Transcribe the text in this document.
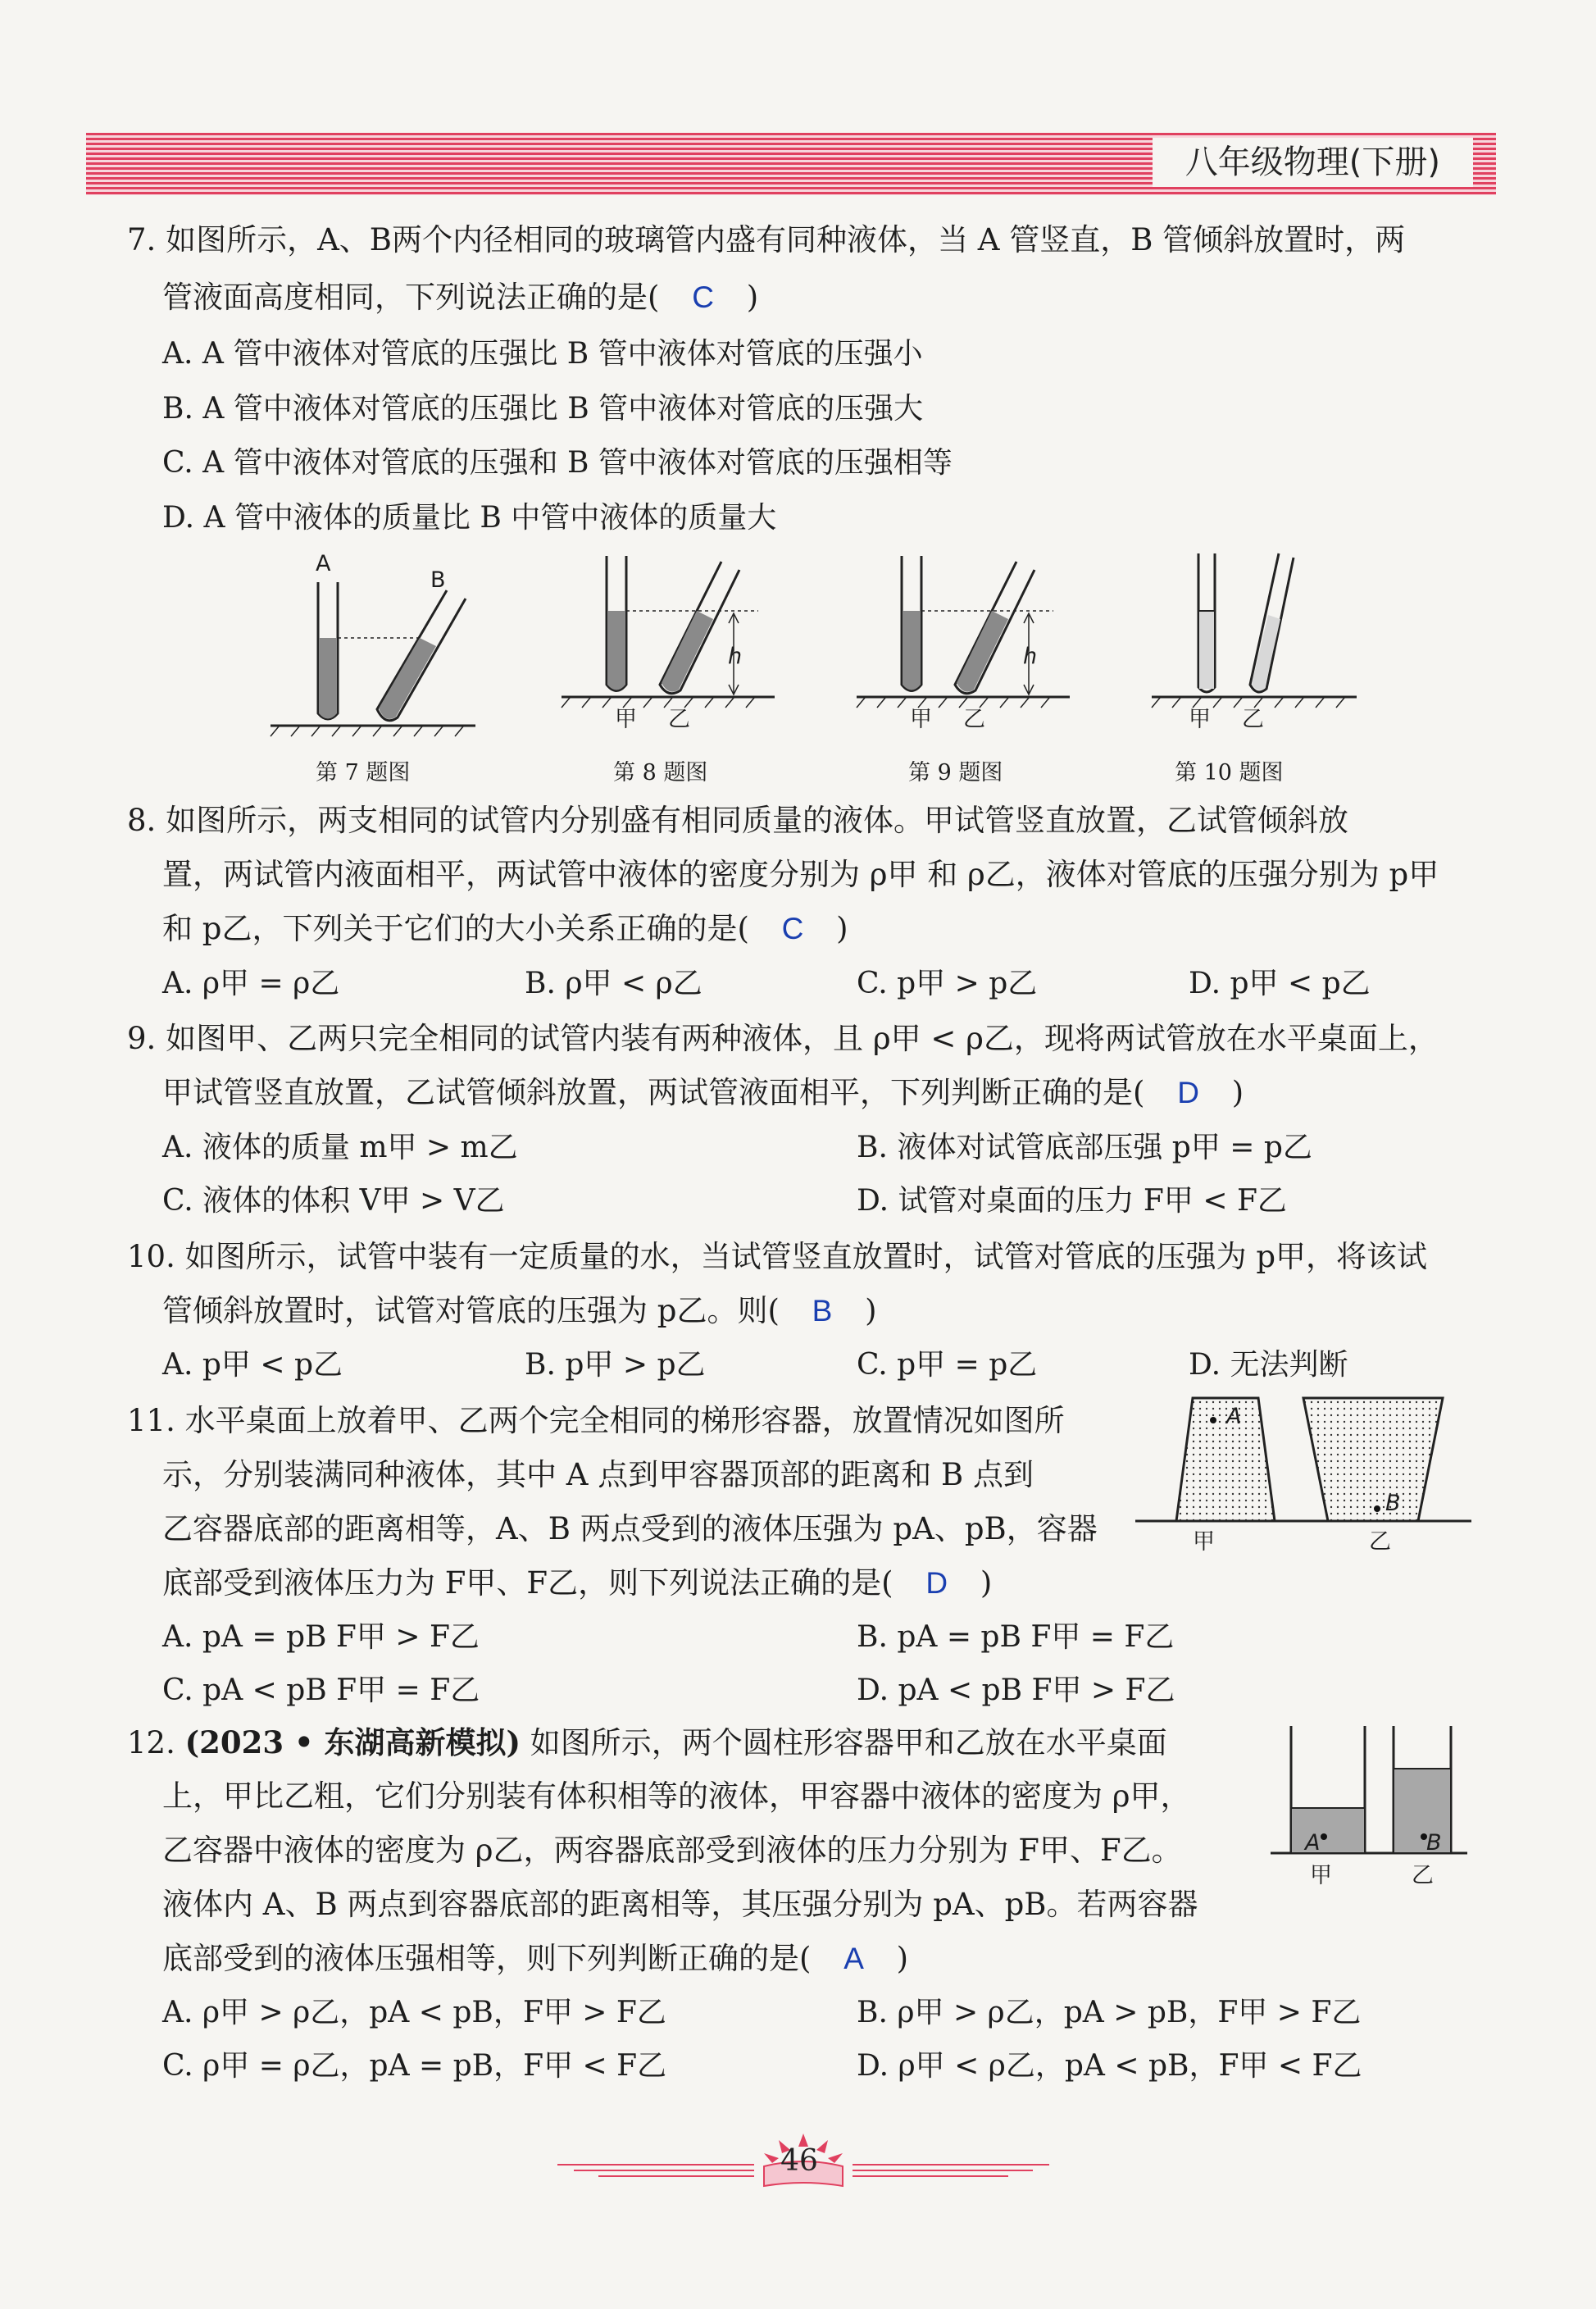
八年级物理(下册)
7. 如图所示，A、B两个内径相同的玻璃管内盛有同种液体，当 A 管竖直，B 管倾斜放置时，两
管液面高度相同，下列说法正确的是( C )
A. A 管中液体对管底的压强比 B 管中液体对管底的压强小
B. A 管中液体对管底的压强比 B 管中液体对管底的压强大
C. A 管中液体对管底的压强和 B 管中液体对管底的压强相等
D. A 管中液体的质量比 B 中管中液体的质量大
A
B
第 7 题图
甲 乙
h
第 8 题图
甲 乙
h
第 9 题图
甲 乙
第 10 题图
8. 如图所示，两支相同的试管内分别盛有相同质量的液体。甲试管竖直放置，乙试管倾斜放
置，两试管内液面相平，两试管中液体的密度分别为 ρ甲 和 ρ乙，液体对管底的压强分别为 p甲
和 p乙，下列关于它们的大小关系正确的是( C )
A. ρ甲 = ρ乙	B. ρ甲 < ρ乙	C. p甲 > p乙	D. p甲 < p乙
9. 如图甲、乙两只完全相同的试管内装有两种液体，且 ρ甲 < ρ乙，现将两试管放在水平桌面上，
甲试管竖直放置，乙试管倾斜放置，两试管液面相平，下列判断正确的是( D )
A. 液体的质量 m甲 > m乙	B. 液体对试管底部压强 p甲 = p乙
C. 液体的体积 V甲 > V乙	D. 试管对桌面的压力 F甲 < F乙
10. 如图所示，试管中装有一定质量的水，当试管竖直放置时，试管对管底的压强为 p甲，将该试
管倾斜放置时，试管对管底的压强为 p乙。则( B )
A. p甲 < p乙	B. p甲 > p乙	C. p甲 = p乙	D. 无法判断
11. 水平桌面上放着甲、乙两个完全相同的梯形容器，放置情况如图所
示，分别装满同种液体，其中 A 点到甲容器顶部的距离和 B 点到
乙容器底部的距离相等，A、B 两点受到的液体压强为 pA、pB，容器
底部受到液体压力为 F甲、F乙，则下列说法正确的是( D )
A
B
甲	乙
A. pA = pB F甲 > F乙	B. pA = pB F甲 = F乙
C. pA < pB F甲 = F乙	D. pA < pB F甲 > F乙
12. (2023 • 东湖高新模拟) 如图所示，两个圆柱形容器甲和乙放在水平桌面
上，甲比乙粗，它们分别装有体积相等的液体，甲容器中液体的密度为 ρ甲，
乙容器中液体的密度为 ρ乙，两容器底部受到液体的压力分别为 F甲、F乙。
液体内 A、B 两点到容器底部的距离相等，其压强分别为 pA、pB。若两容器
底部受到的液体压强相等，则下列判断正确的是( A )
A	B
甲	乙
A. ρ甲 > ρ乙，pA < pB，F甲 > F乙	B. ρ甲 > ρ乙，pA > pB，F甲 > F乙
C. ρ甲 = ρ乙，pA = pB，F甲 < F乙	D. ρ甲 < ρ乙，pA < pB，F甲 < F乙
46
